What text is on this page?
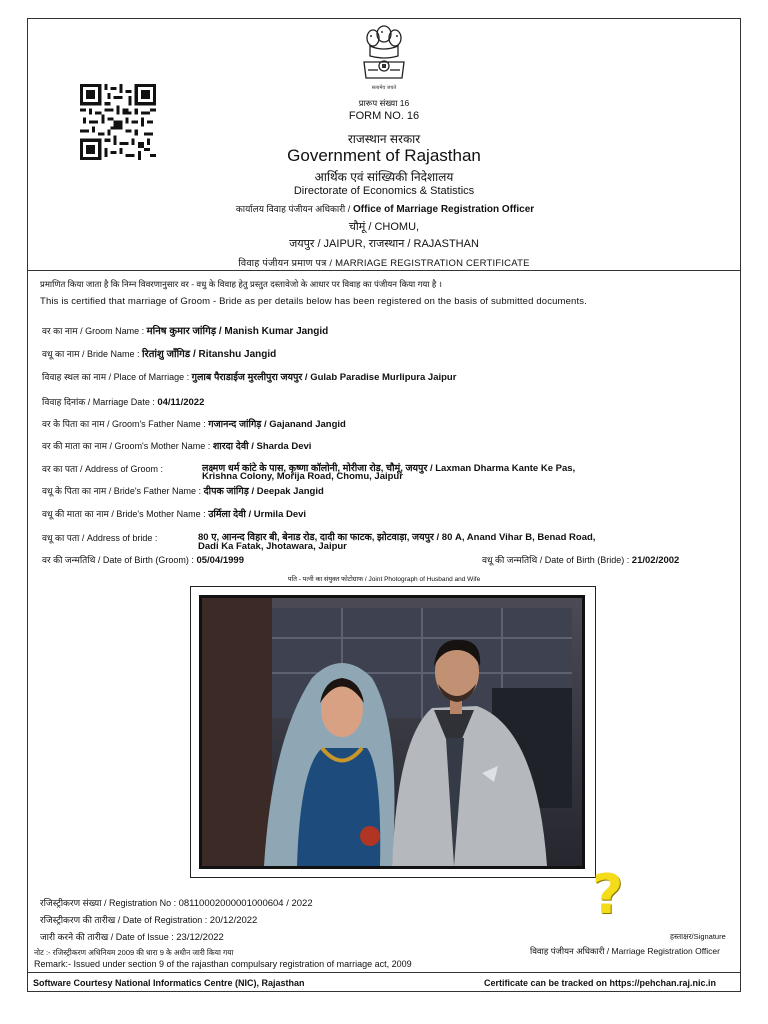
सत्यमेव जयते
प्रारूप संख्या 16
FORM NO. 16
राजस्थान सरकार
Government of Rajasthan
आर्थिक एवं सांख्यिकी निदेशालय
Directorate of Economics & Statistics
कार्यालय विवाह पंजीयन अधिकारी / Office of Marriage Registration Officer
चौमूं / CHOMU,
जयपुर / JAIPUR, राजस्थान / RAJASTHAN
विवाह पंजीयन प्रमाण पत्र / MARRIAGE REGISTRATION CERTIFICATE
प्रमाणित किया जाता है कि निम्न विवरणानुसार वर - वधु के विवाह हेतु प्रस्तुत दस्तावेजो के आधार पर विवाह का पंजीयन किया गया है ।
This is certified that marriage of Groom - Bride as per details below has been registered on the basis of submitted documents.
वर का नाम / Groom Name : मनिष कुमार जांगिड़ / Manish Kumar Jangid
वधू का नाम / Bride Name : रितांशु जाँगिड / Ritanshu Jangid
विवाह स्थल का नाम / Place of Marriage : गुलाब पैराडाईज मुरलीपुरा जयपुर / Gulab Paradise Murlipura Jaipur
विवाह दिनांक / Marriage Date : 04/11/2022
वर के पिता का नाम / Groom's Father Name : गजानन्द जांगिड़ / Gajanand Jangid
वर की माता का नाम / Groom's Mother Name : शारदा देवी / Sharda Devi
वर का पता / Address of Groom :	लक्ष्मण धर्म कांटे के पास, कृष्णा कॉलोनी, मोरीजा रोड, चौमूं, जयपुर / Laxman Dharma Kante Ke Pas,
Krishna Colony, Morija Road, Chomu, Jaipur
वधू के पिता का नाम / Bride's Father Name : दीपक जांगिड़ / Deepak Jangid
वधू की माता का नाम / Bride's Mother Name : उर्मिला देवी / Urmila Devi
वधू का पता / Address of bride :	80 ए, आनन्द विहार बी, बेनाड रोड, दादी का फाटक, झोटवाड़ा, जयपुर / 80 A, Anand Vihar B, Benad Road,
Dadi Ka Fatak, Jhotawara, Jaipur
वर की जन्मतिथि / Date of Birth (Groom) : 05/04/1999	वधू की जन्मतिथि / Date of Birth (Bride) : 21/02/2002
पति - पत्नी का संयुक्त फोटोग्राफ / Joint Photograph of Husband and Wife
रजिस्ट्रीकरण संख्या / Registration No : 08110002000001000604 / 2022
रजिस्ट्रीकरण की तारीख / Date of Registration : 20/12/2022
जारी करने की तारीख / Date of Issue : 23/12/2022
नोट :- रजिस्ट्रीकरण अधिनियम 2009 की धारा 9 के अधीन जारी किया गया
Remark:- Issued under section 9 of the rajasthan compulsary registration of marriage act, 2009
?
हस्ताक्षर/Signature
विवाह पंजीयन अधिकारी / Marriage Registration Officer
Software Courtesy National Informatics Centre (NIC), Rajasthan	Certificate can be tracked on https://pehchan.raj.nic.in
